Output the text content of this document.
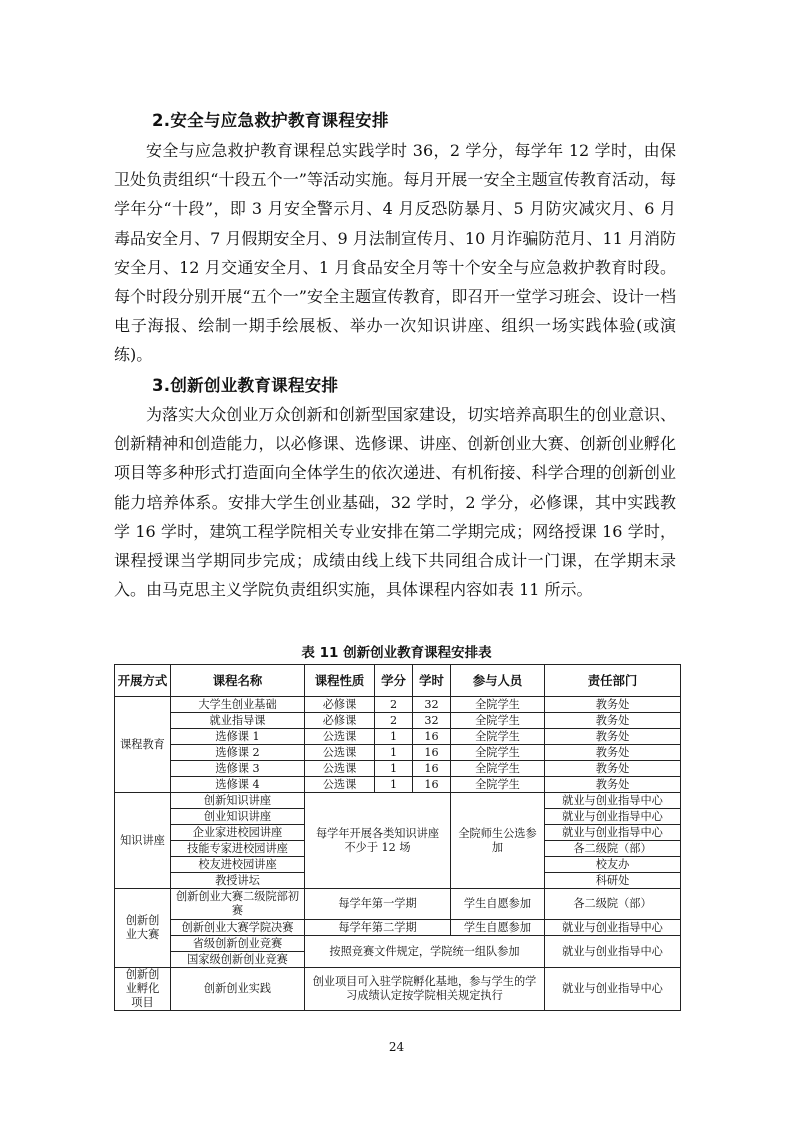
2.安全与应急救护教育课程安排
安全与应急救护教育课程总实践学时 36，2 学分，每学年 12 学时，由保卫处负责组织“十段五个一”等活动实施。每月开展一安全主题宣传教育活动，每学年分“十段”，即 3 月安全警示月、4 月反恐防暴月、5 月防灾减灾月、6 月毒品安全月、7 月假期安全月、9 月法制宣传月、10 月诈骗防范月、11 月消防安全月、12 月交通安全月、1 月食品安全月等十个安全与应急救护教育时段。每个时段分别开展“五个一”安全主题宣传教育，即召开一堂学习班会、设计一档电子海报、绘制一期手绘展板、举办一次知识讲座、组织一场实践体验(或演练)。
3.创新创业教育课程安排
为落实大众创业万众创新和创新型国家建设，切实培养高职生的创业意识、创新精神和创造能力，以必修课、选修课、讲座、创新创业大赛、创新创业孵化项目等多种形式打造面向全体学生的依次递进、有机衔接、科学合理的创新创业能力培养体系。安排大学生创业基础，32 学时，2 学分，必修课，其中实践教学 16 学时，建筑工程学院相关专业安排在第二学期完成；网络授课 16 学时，课程授课当学期同步完成；成绩由线上线下共同组合成计一门课，在学期末录入。由马克思主义学院负责组织实施，具体课程内容如表 11 所示。
表 11 创新创业教育课程安排表
开展方式	课程名称	课程性质	学分	学时	参与人员	责任部门
课程教育	大学生创业基础	必修课	2	32	全院学生	教务处
	就业指导课	必修课	2	32	全院学生	教务处
	选修课 1	公选课	1	16	全院学生	教务处
	选修课 2	公选课	1	16	全院学生	教务处
	选修课 3	公选课	1	16	全院学生	教务处
	选修课 4	公选课	1	16	全院学生	教务处
知识讲座	创新知识讲座	每学年开展各类知识讲座不少于 12 场			全院师生公选参加	就业与创业指导中心
	创业知识讲座					就业与创业指导中心
	企业家进校园讲座					就业与创业指导中心
	技能专家进校园讲座					各二级院（部）
	校友进校园讲座					校友办
	教授讲坛					科研处
创新创业大赛	创新创业大赛二级院部初赛	每学年第一学期			学生自愿参加	各二级院（部）
	创新创业大赛学院决赛	每学年第二学期			学生自愿参加	就业与创业指导中心
	省级创新创业竞赛	按照竞赛文件规定，学院统一组队参加				就业与创业指导中心
	国家级创新创业竞赛					
创新创业孵化项目	创新创业实践	创业项目可入驻学院孵化基地，参与学生的学习成绩认定按学院相关规定执行				就业与创业指导中心
24
